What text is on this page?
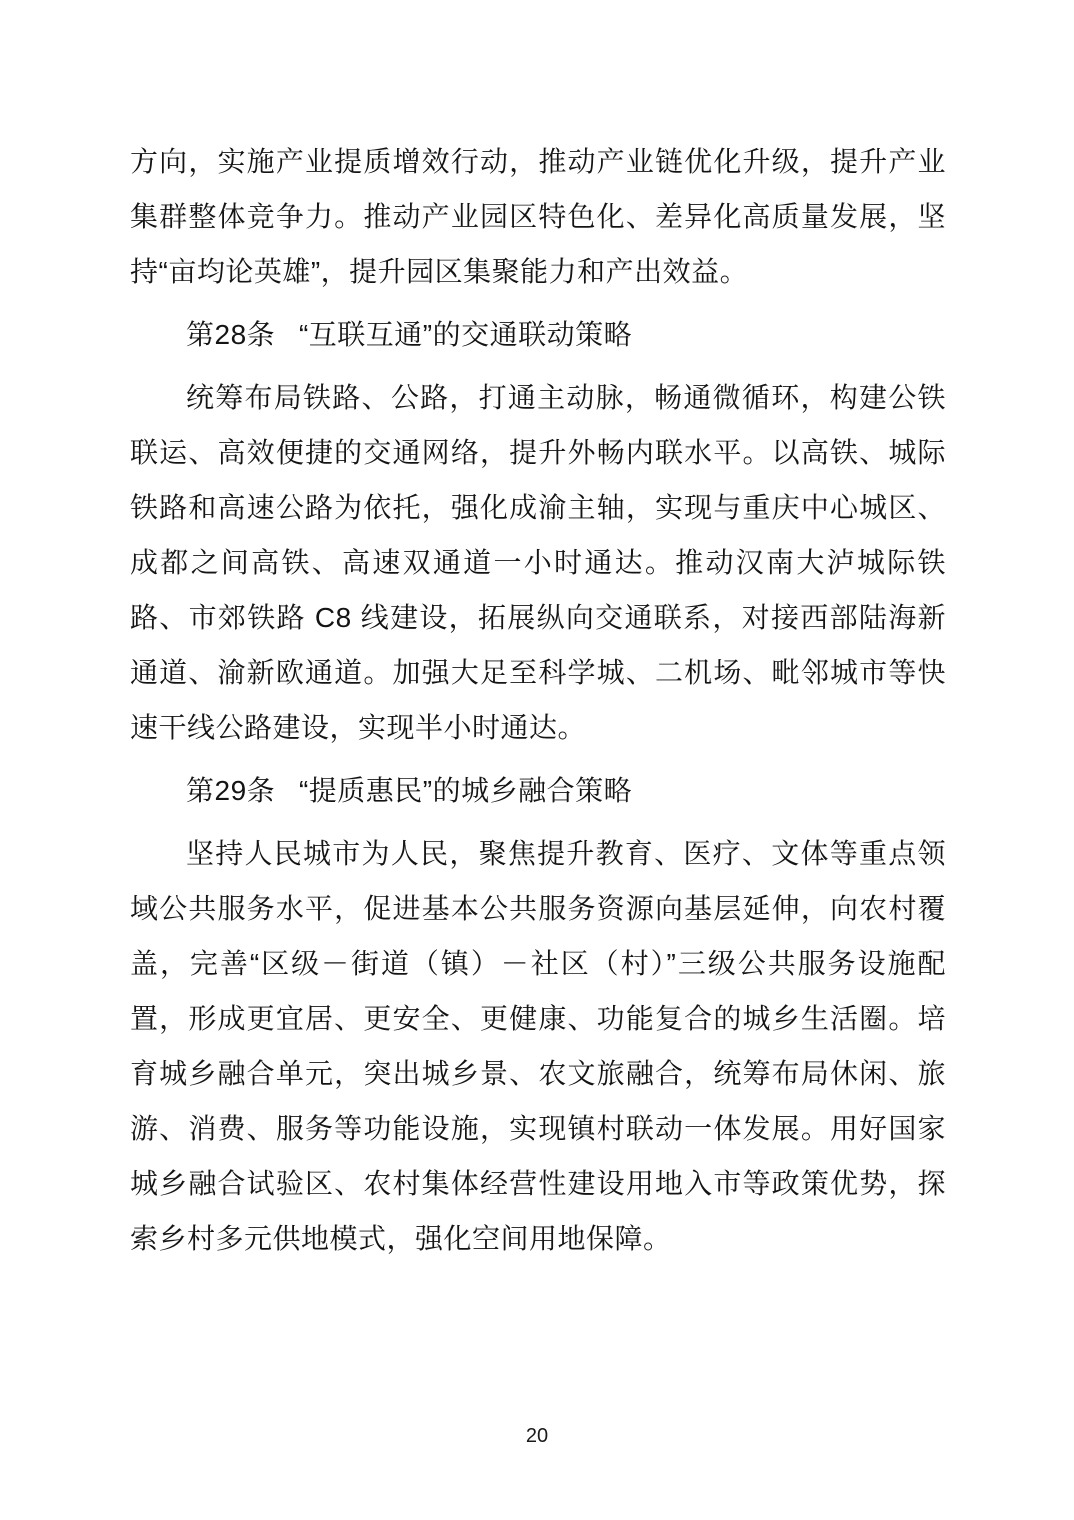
方向，实施产业提质增效行动，推动产业链优化升级，提升产业集群整体竞争力。推动产业园区特色化、差异化高质量发展，坚持“亩均论英雄”，提升园区集聚能力和产出效益。

第28条 “互联互通”的交通联动策略

统筹布局铁路、公路，打通主动脉，畅通微循环，构建公铁联运、高效便捷的交通网络，提升外畅内联水平。以高铁、城际铁路和高速公路为依托，强化成渝主轴，实现与重庆中心城区、成都之间高铁、高速双通道一小时通达。推动汉南大泸城际铁路、市郊铁路 C8 线建设，拓展纵向交通联系，对接西部陆海新通道、渝新欧通道。加强大足至科学城、二机场、毗邻城市等快速干线公路建设，实现半小时通达。

第29条 “提质惠民”的城乡融合策略

坚持人民城市为人民，聚焦提升教育、医疗、文体等重点领域公共服务水平，促进基本公共服务资源向基层延伸，向农村覆盖，完善“区级－街道（镇）－社区（村）”三级公共服务设施配置，形成更宜居、更安全、更健康、功能复合的城乡生活圈。培育城乡融合单元，突出城乡景、农文旅融合，统筹布局休闲、旅游、消费、服务等功能设施，实现镇村联动一体发展。用好国家城乡融合试验区、农村集体经营性建设用地入市等政策优势，探索乡村多元供地模式，强化空间用地保障。

20
